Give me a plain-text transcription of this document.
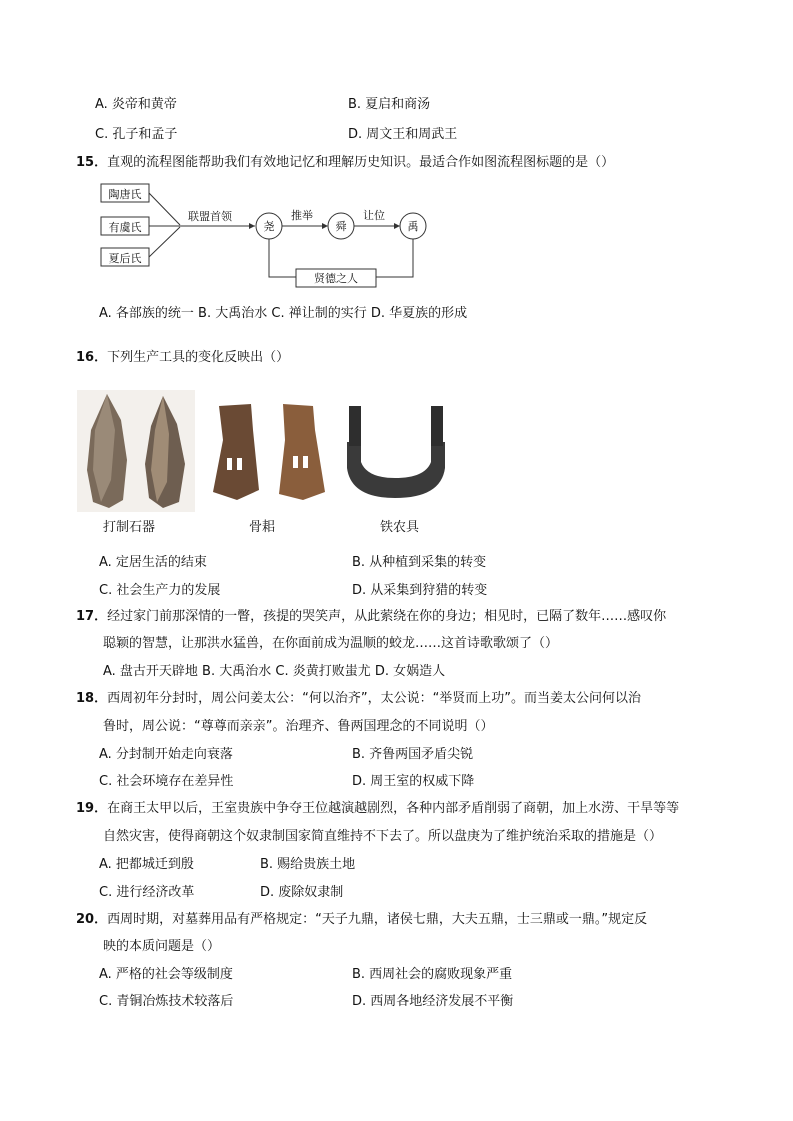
A. 炎帝和黄帝	B. 夏启和商汤
C. 孔子和孟子	D. 周文王和周武王
15．直观的流程图能帮助我们有效地记忆和理解历史知识。最适合作如图流程图标题的是（）
陶唐氏
有虞氏
夏后氏
联盟首领
尧	舜	禹
推举	让位
贤德之人
A. 各部族的统一 B. 大禹治水 C. 禅让制的实行 D. 华夏族的形成
16．下列生产工具的变化反映出（）
打制石器	骨耜	铁农具
A. 定居生活的结束	B. 从种植到采集的转变
C. 社会生产力的发展	D. 从采集到狩猎的转变
17．经过家门前那深情的一瞥，孩提的哭笑声，从此萦绕在你的身边；相见时，已隔了数年……感叹你
聪颖的智慧，让那洪水猛兽，在你面前成为温顺的蛟龙……这首诗歌歌颂了（）
A. 盘古开天辟地 B. 大禹治水 C. 炎黄打败蚩尤 D. 女娲造人
18．西周初年分封时，周公问姜太公：“何以治齐”，太公说：“举贤而上功”。而当姜太公问何以治
鲁时，周公说：“尊尊而亲亲”。治理齐、鲁两国理念的不同说明（）
A. 分封制开始走向衰落	B. 齐鲁两国矛盾尖锐
C. 社会环境存在差异性	D. 周王室的权威下降
19．在商王太甲以后，王室贵族中争夺王位越演越剧烈，各种内部矛盾削弱了商朝，加上水涝、干旱等等
自然灾害，使得商朝这个奴隶制国家简直维持不下去了。所以盘庚为了维护统治采取的措施是（）
A. 把都城迁到殷	B. 赐给贵族土地
C. 进行经济改革	D. 废除奴隶制
20．西周时期，对墓葬用品有严格规定：“天子九鼎，诸侯七鼎，大夫五鼎，士三鼎或一鼎。”规定反
映的本质问题是（）
A. 严格的社会等级制度	B. 西周社会的腐败现象严重
C. 青铜冶炼技术较落后	D. 西周各地经济发展不平衡
